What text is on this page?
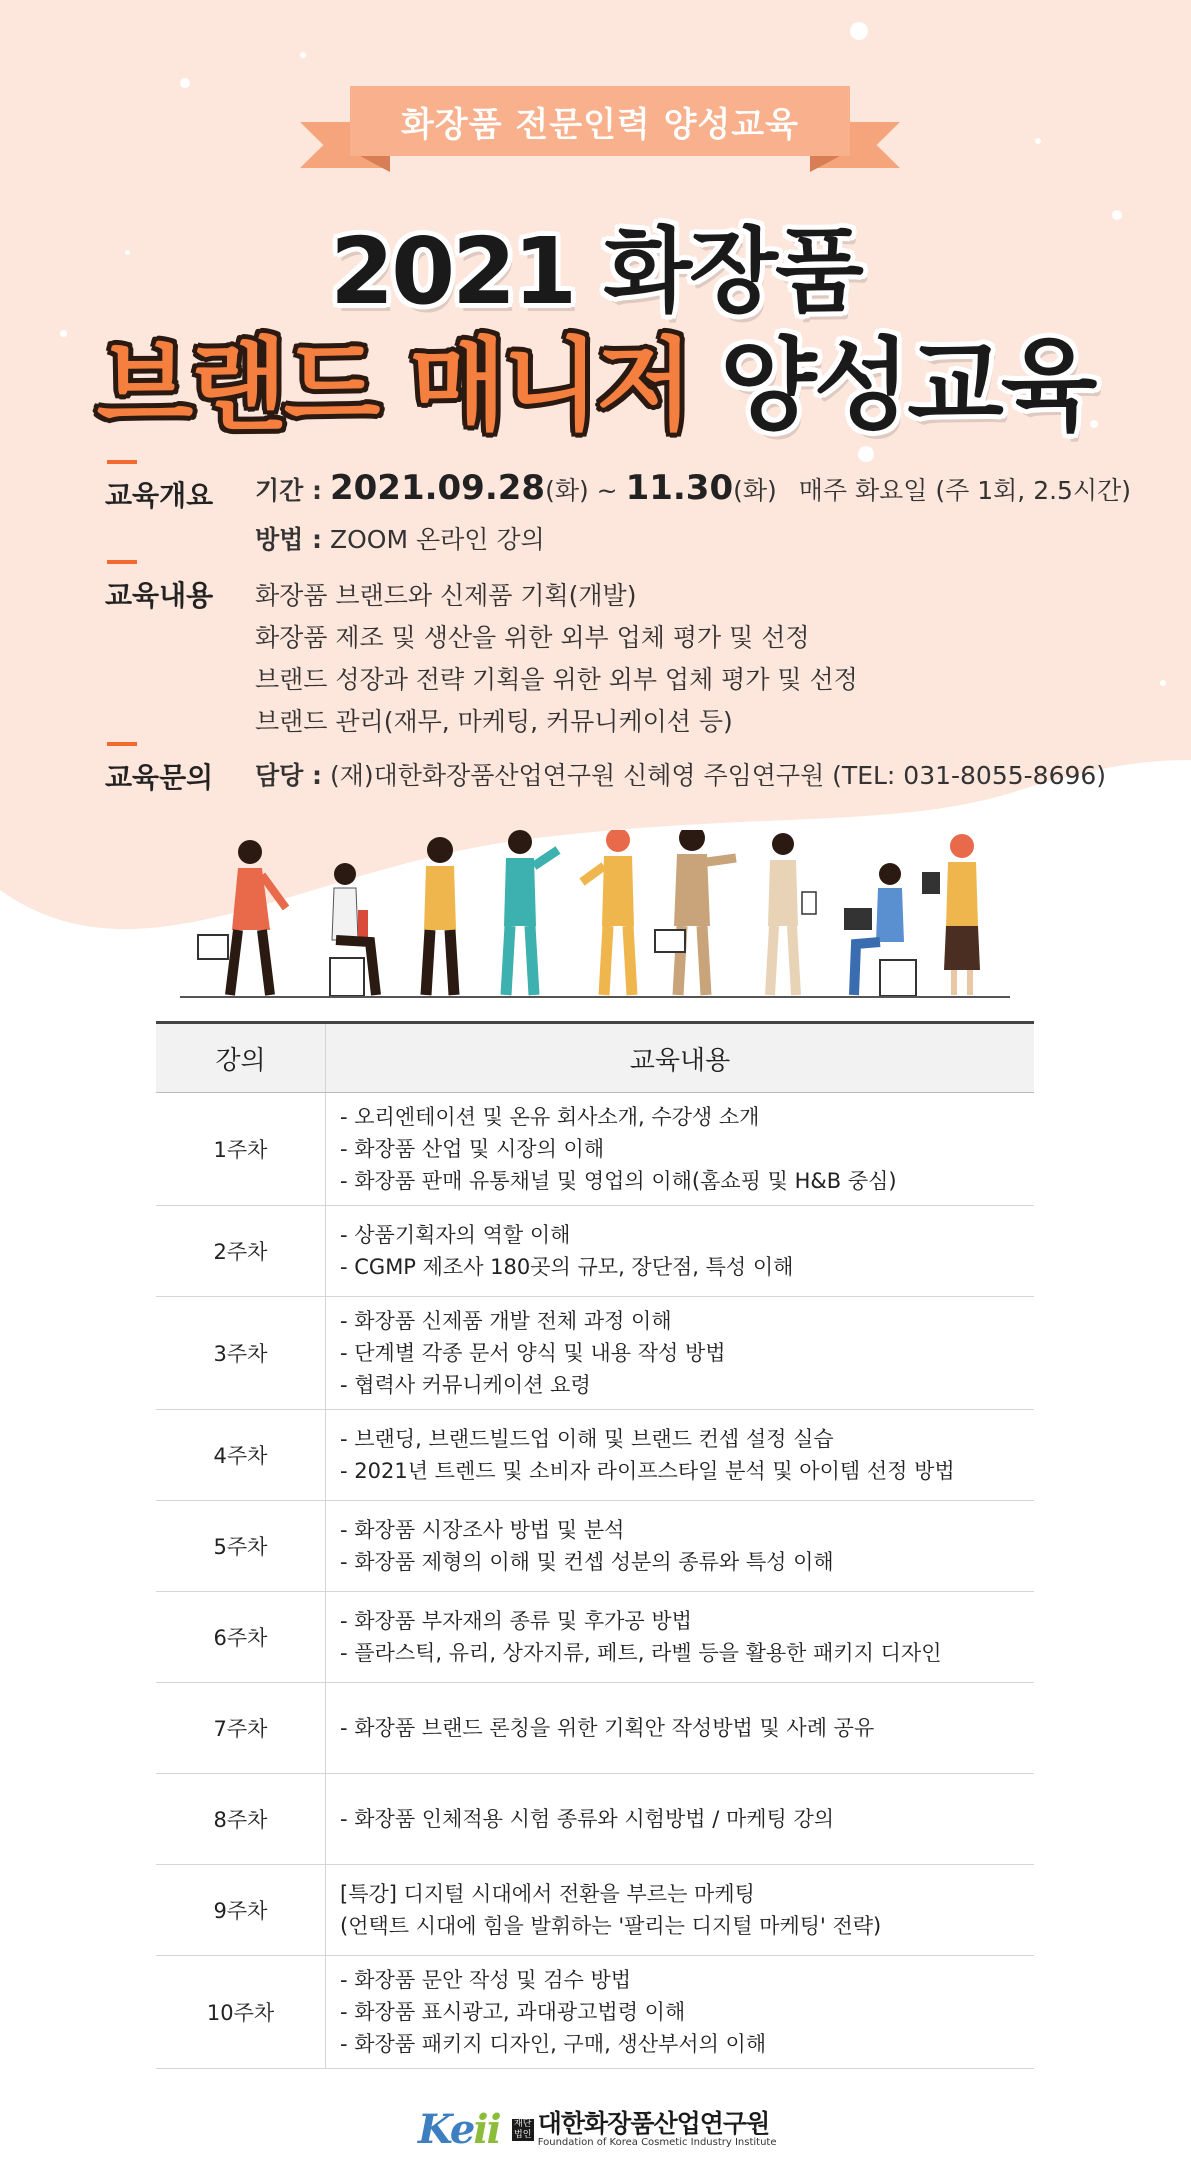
화장품 전문인력 양성교육
2021 화장품
브랜드 매니저 양성교육
교육개요 기간 : 2021.09.28(화) ~ 11.30(화) 매주 화요일 (주 1회, 2.5시간)
방법 : ZOOM 온라인 강의
교육내용 화장품 브랜드와 신제품 기획(개발)
화장품 제조 및 생산을 위한 외부 업체 평가 및 선정
브랜드 성장과 전략 기획을 위한 외부 업체 평가 및 선정
브랜드 관리(재무, 마케팅, 커뮤니케이션 등)
교육문의 담당 : (재)대한화장품산업연구원 신혜영 주임연구원 (TEL: 031-8055-8696)
강의	교육내용
1주차	- 오리엔테이션 및 온유 회사소개, 수강생 소개
- 화장품 산업 및 시장의 이해
- 화장품 판매 유통채널 및 영업의 이해(홈쇼핑 및 H&B 중심)

2주차	- 상품기획자의 역할 이해
- CGMP 제조사 180곳의 규모, 장단점, 특성 이해

3주차	- 화장품 신제품 개발 전체 과정 이해
- 단계별 각종 문서 양식 및 내용 작성 방법
- 협력사 커뮤니케이션 요령

4주차	- 브랜딩, 브랜드빌드업 이해 및 브랜드 컨셉 설정 실습
- 2021년 트렌드 및 소비자 라이프스타일 분석 및 아이템 선정 방법

5주차	- 화장품 시장조사 방법 및 분석
- 화장품 제형의 이해 및 컨셉 성분의 종류와 특성 이해

6주차	- 화장품 부자재의 종류 및 후가공 방법
- 플라스틱, 유리, 상자지류, 페트, 라벨 등을 활용한 패키지 디자인

7주차	- 화장품 브랜드 론칭을 위한 기획안 작성방법 및 사례 공유

8주차	- 화장품 인체적용 시험 종류와 시험방법 / 마케팅 강의

9주차	[특강] 디지털 시대에서 전환을 부르는 마케팅
(언택트 시대에 힘을 발휘하는 '팔리는 디지털 마케팅' 전략)

10주차	- 화장품 문안 작성 및 검수 방법
- 화장품 표시광고, 과대광고법령 이해
- 화장품 패키지 디자인, 구매, 생산부서의 이해
Keii 재단법인 대한화장품산업연구원
Foundation of Korea Cosmetic Industry Institute
